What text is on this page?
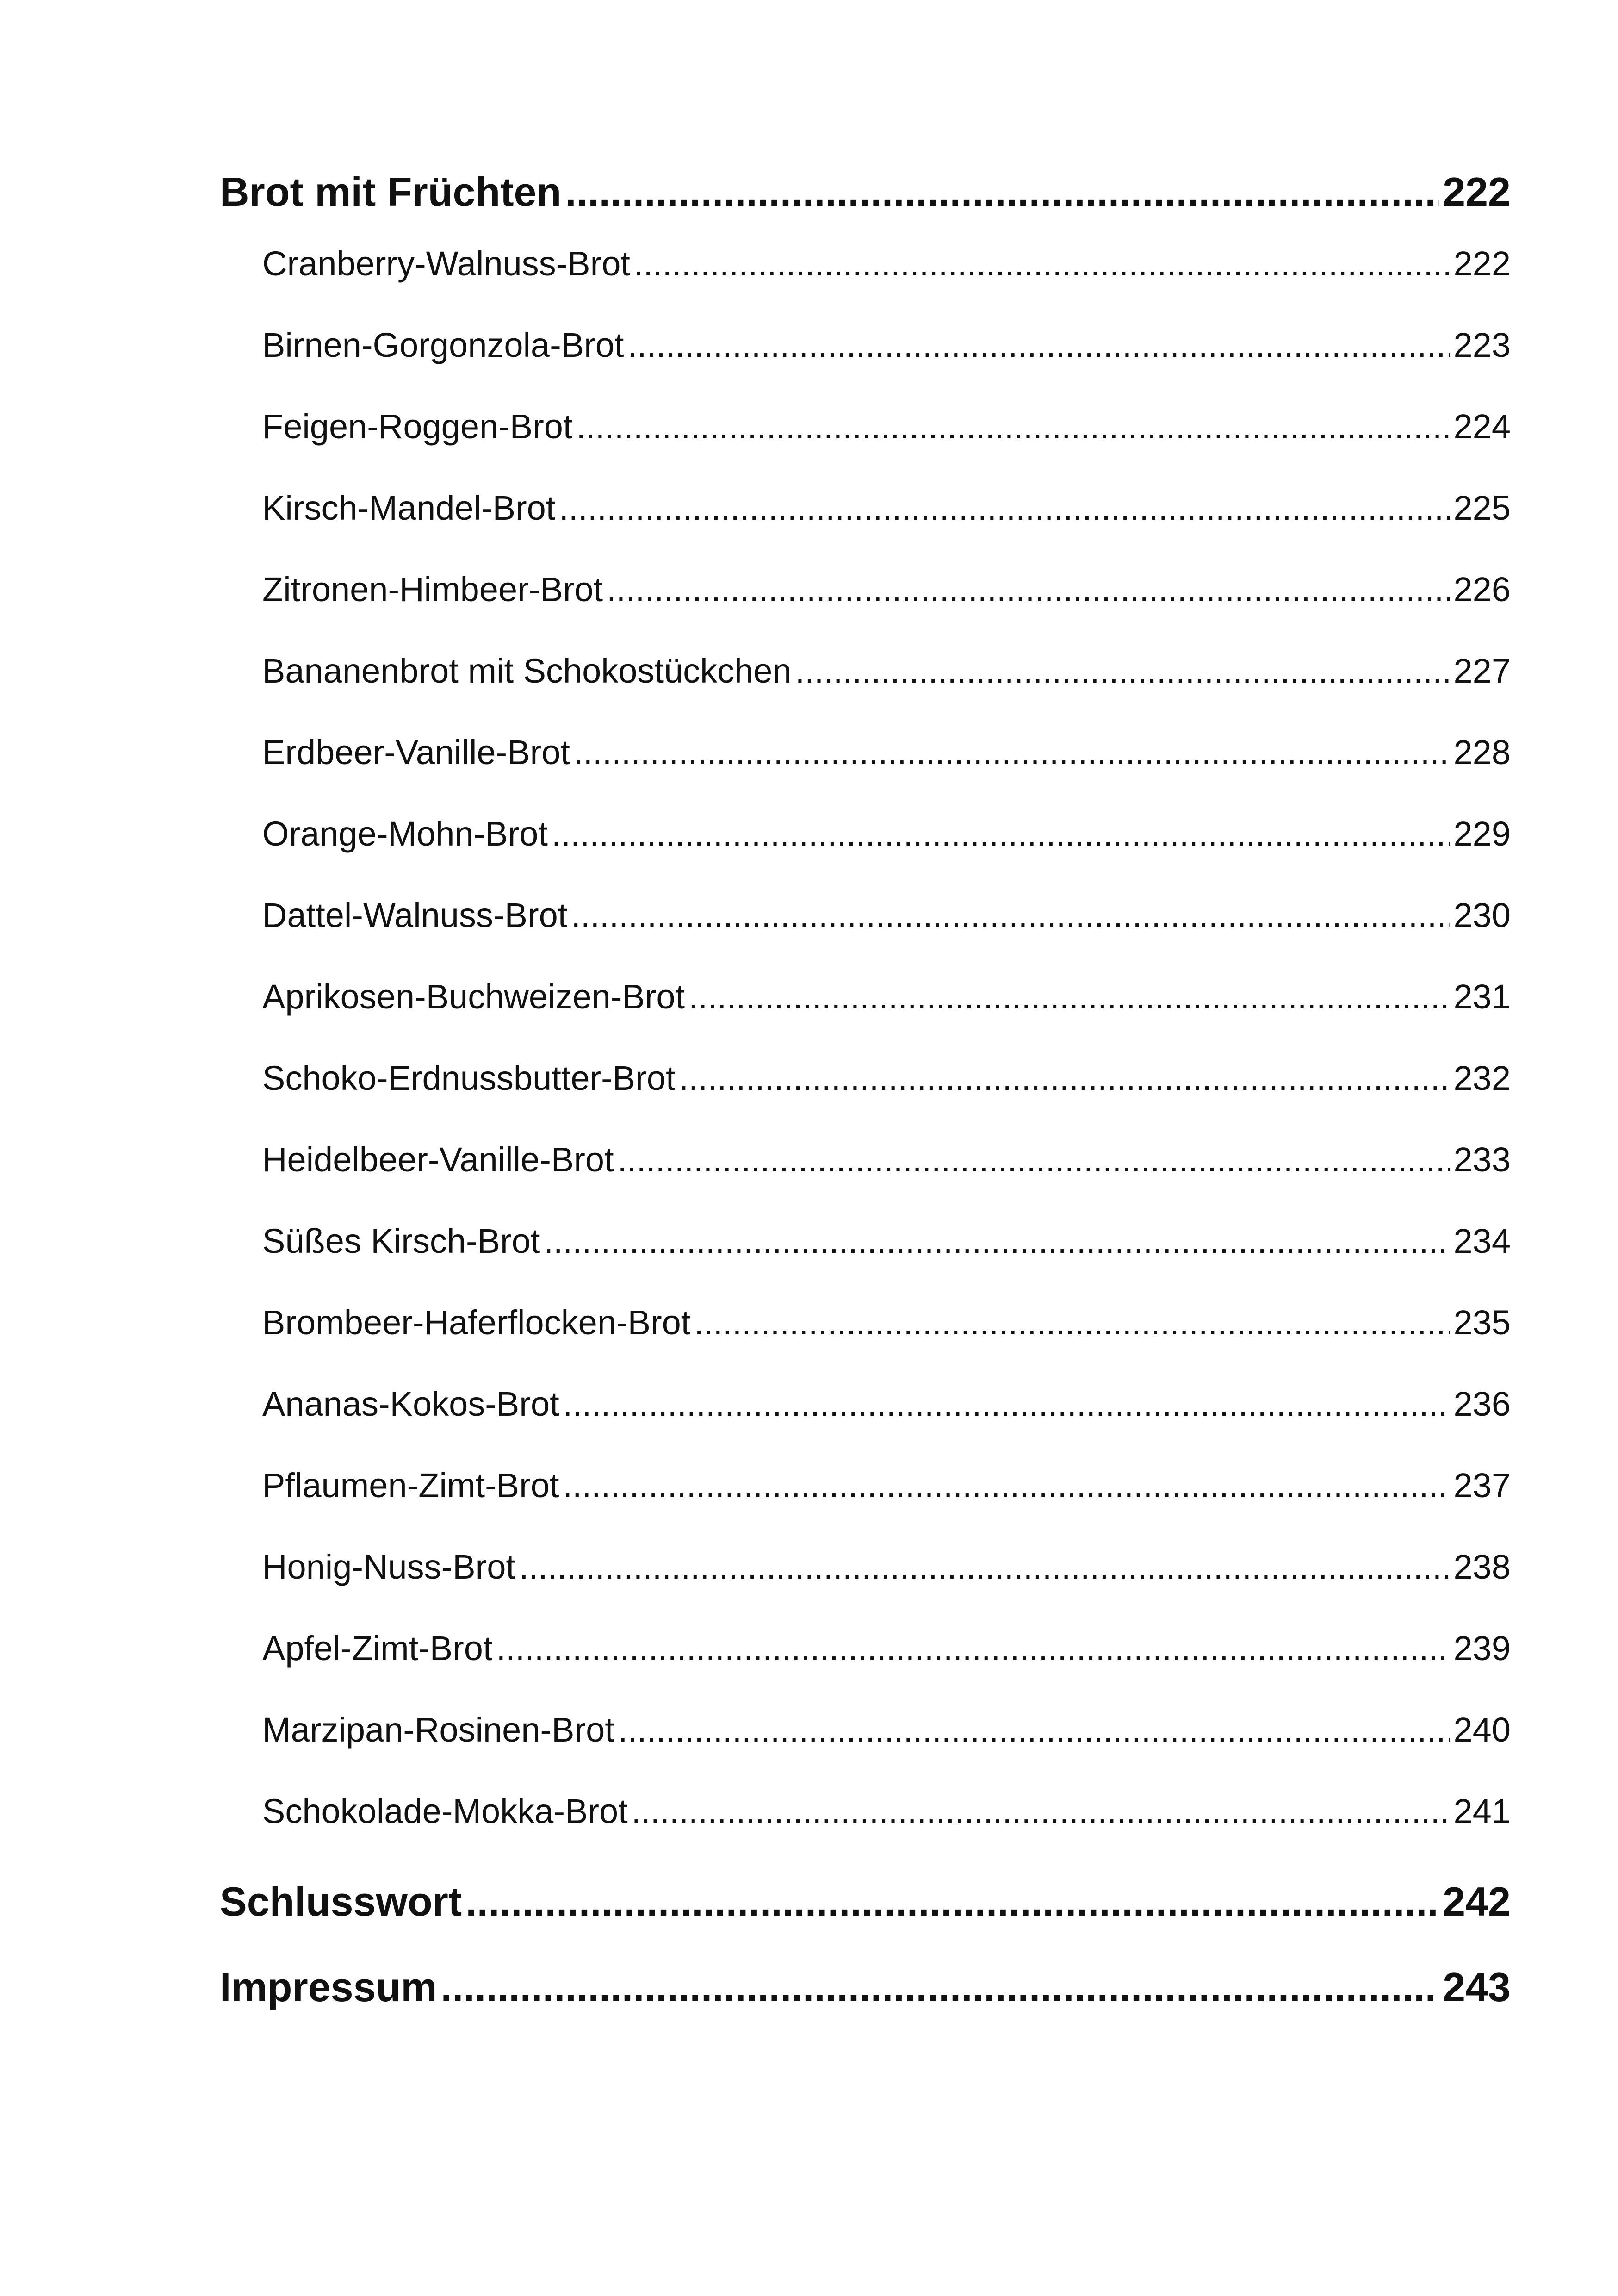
Brot mit Früchten .....	222
Cranberry-Walnuss-Brot .....	222
Birnen-Gorgonzola-Brot .....	223
Feigen-Roggen-Brot .....	224
Kirsch-Mandel-Brot .....	225
Zitronen-Himbeer-Brot .....	226
Bananenbrot mit Schokostückchen .....	227
Erdbeer-Vanille-Brot .....	228
Orange-Mohn-Brot .....	229
Dattel-Walnuss-Brot .....	230
Aprikosen-Buchweizen-Brot .....	231
Schoko-Erdnussbutter-Brot .....	232
Heidelbeer-Vanille-Brot .....	233
Süßes Kirsch-Brot .....	234
Brombeer-Haferflocken-Brot .....	235
Ananas-Kokos-Brot .....	236
Pflaumen-Zimt-Brot .....	237
Honig-Nuss-Brot .....	238
Apfel-Zimt-Brot .....	239
Marzipan-Rosinen-Brot .....	240
Schokolade-Mokka-Brot .....	241
Schlusswort .....	242
Impressum .....	243
